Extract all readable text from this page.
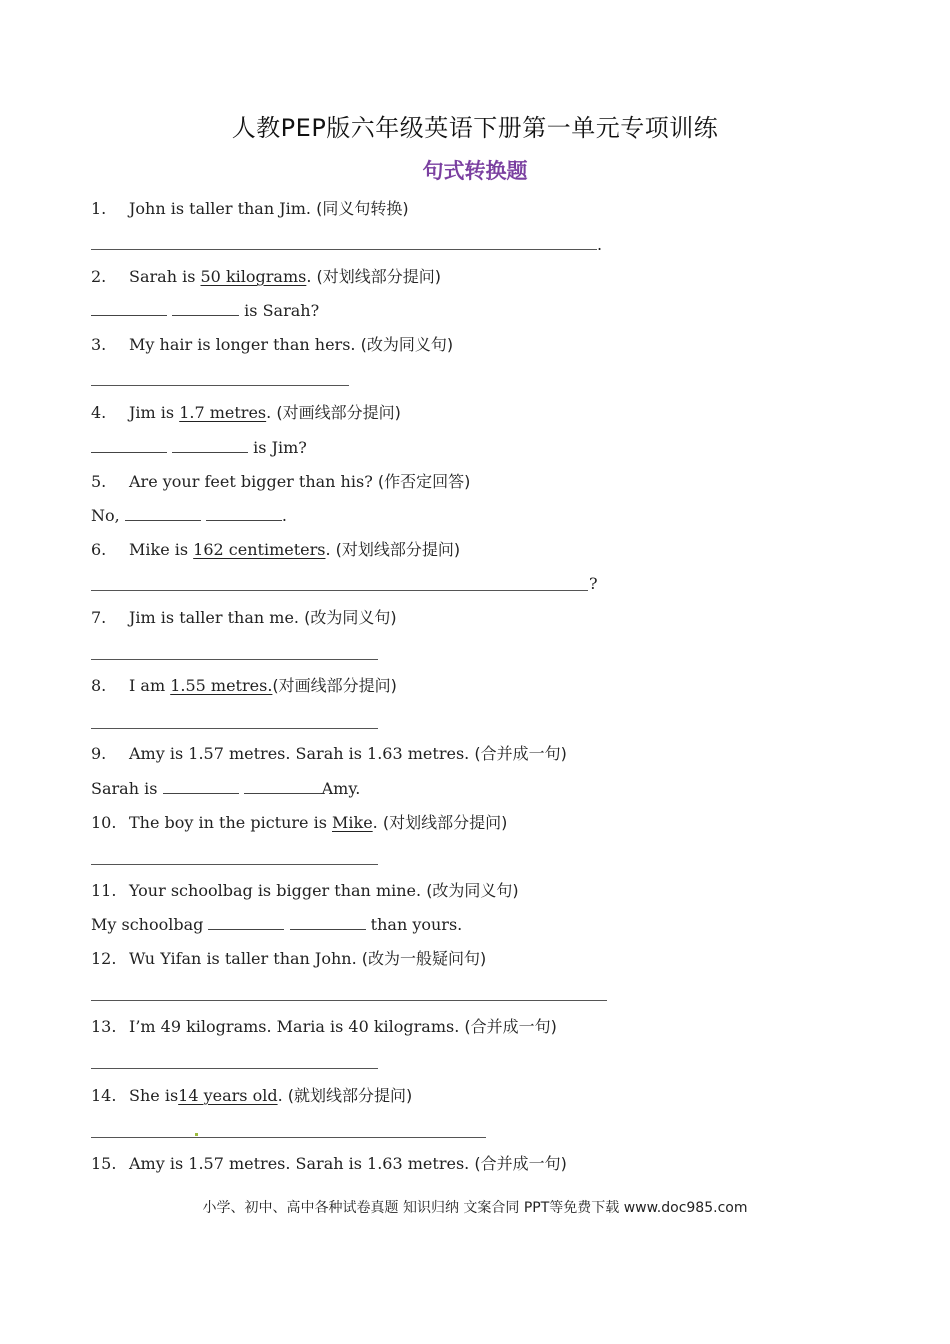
人教PEP版六年级英语下册第一单元专项训练
句式转换题
1. John is taller than Jim. (同义句转换)
.
2. Sarah is 50 kilograms. (对划线部分提问)
is Sarah?
3. My hair is longer than hers. (改为同义句)
4. Jim is 1.7 metres. (对画线部分提问)
is Jim?
5. Are your feet bigger than his? (作否定回答)
No,	.
6. Mike is 162 centimeters. (对划线部分提问)
?
7. Jim is taller than me. (改为同义句)
8. I am 1.55 metres.(对画线部分提问)
9. Amy is 1.57 metres. Sarah is 1.63 metres. (合并成一句)
Sarah is	Amy.
10. The boy in the picture is Mike. (对划线部分提问)
11. Your schoolbag is bigger than mine. (改为同义句)
My schoolbag	than yours.
12. Wu Yifan is taller than John. (改为一般疑问句)
13. I’m 49 kilograms. Maria is 40 kilograms. (合并成一句)
14. She is14 years old. (就划线部分提问)
15. Amy is 1.57 metres. Sarah is 1.63 metres. (合并成一句)
小学、初中、高中各种试卷真题 知识归纳 文案合同 PPT等免费下载 www.doc985.com
